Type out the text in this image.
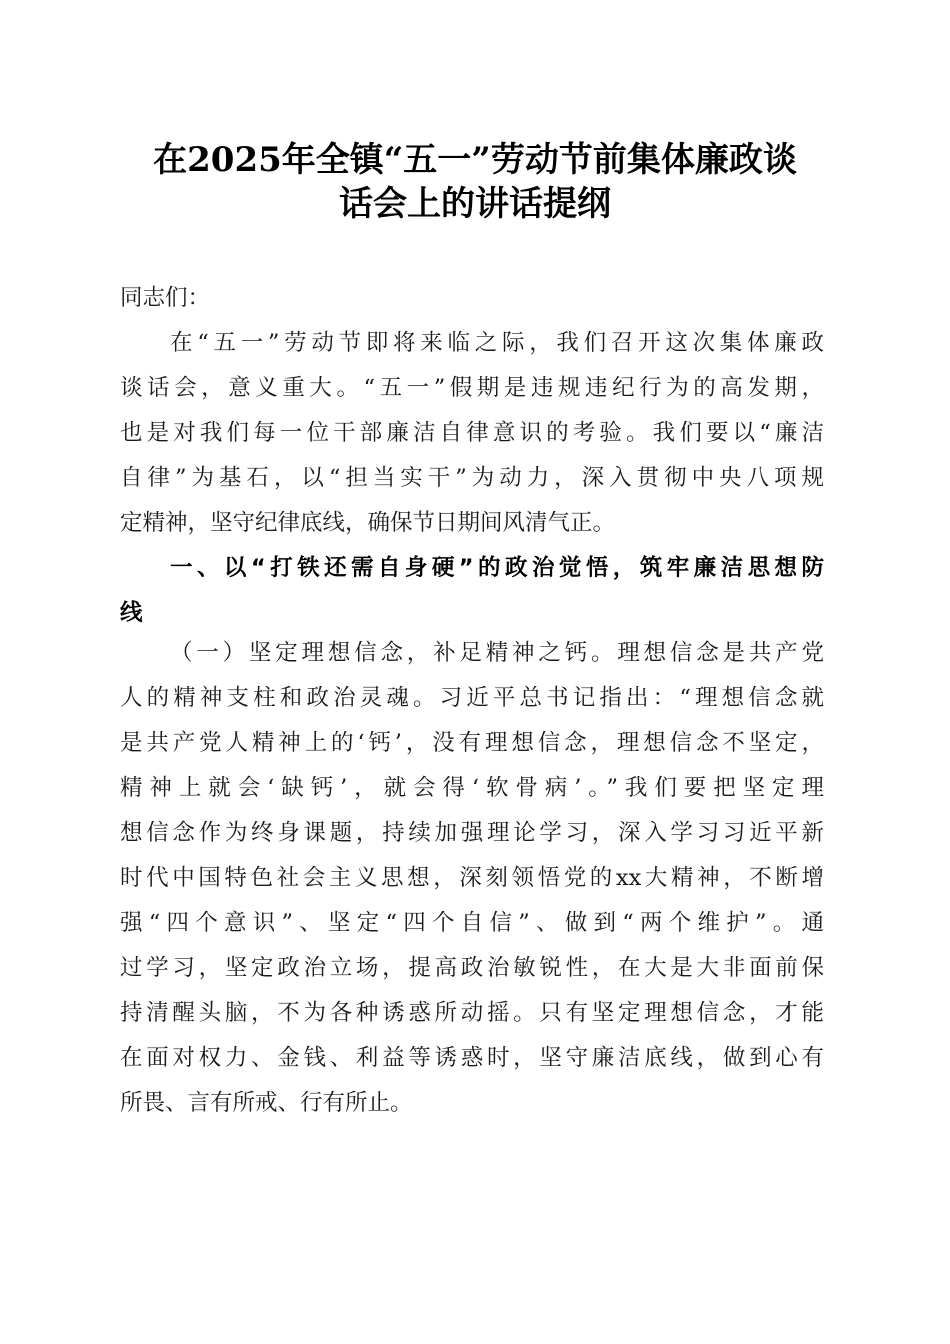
在2025年全镇“五一”劳动节前集体廉政谈
话会上的讲话提纲
同志们：
在“五一”劳动节即将来临之际，我们召开这次集体廉政
谈话会，意义重大。“五一”假期是违规违纪行为的高发期，
也是对我们每一位干部廉洁自律意识的考验。我们要以“廉洁
自律”为基石，以“担当实干”为动力，深入贯彻中央八项规
定精神，坚守纪律底线，确保节日期间风清气正。
一、以“打铁还需自身硬”的政治觉悟，筑牢廉洁思想防
线
（一）坚定理想信念，补足精神之钙。理想信念是共产党
人的精神支柱和政治灵魂。习近平总书记指出：“理想信念就
是共产党人精神上的‘钙’，没有理想信念，理想信念不坚定，
精神上就会‘缺钙’，就会得‘软骨病’。”我们要把坚定理
想信念作为终身课题，持续加强理论学习，深入学习习近平新
时代中国特色社会主义思想，深刻领悟党的xx大精神，不断增
强“四个意识”、坚定“四个自信”、做到“两个维护”。通
过学习，坚定政治立场，提高政治敏锐性，在大是大非面前保
持清醒头脑，不为各种诱惑所动摇。只有坚定理想信念，才能
在面对权力、金钱、利益等诱惑时，坚守廉洁底线，做到心有
所畏、言有所戒、行有所止。
